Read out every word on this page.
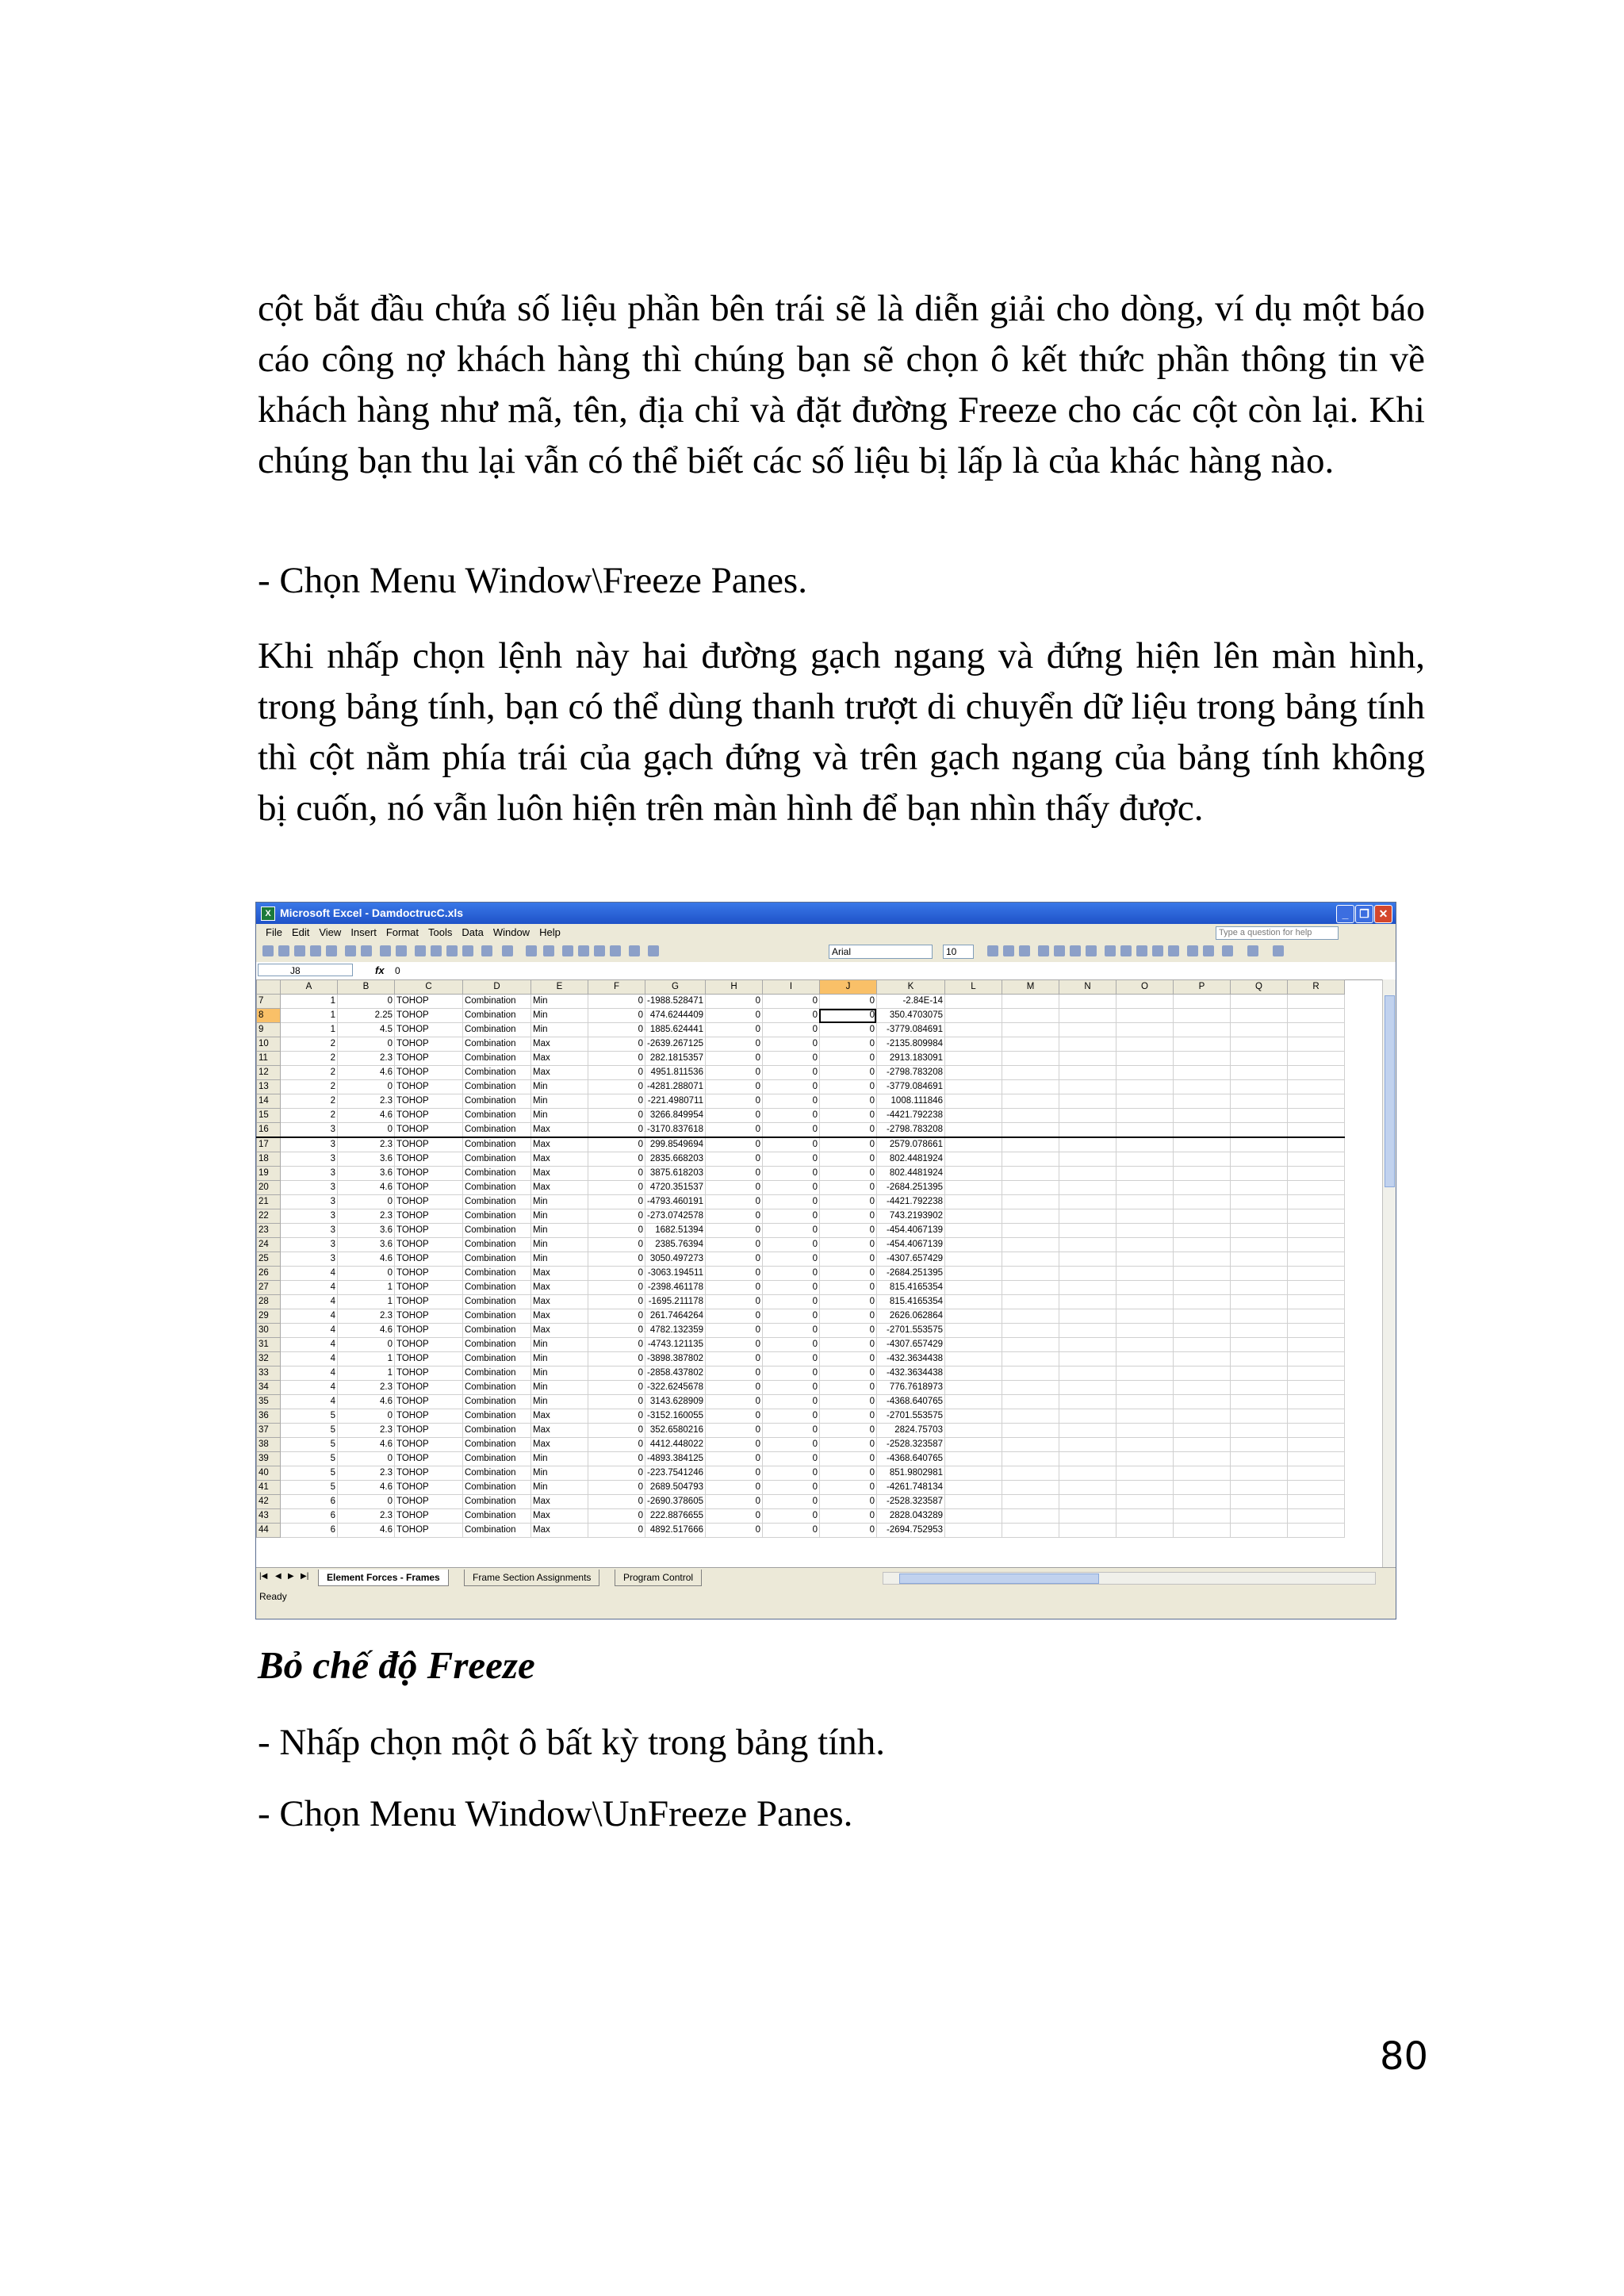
cột bắt đầu chứa số liệu phần bên trái sẽ là diễn giải cho dòng, ví dụ một báo cáo công nợ khách hàng thì chúng bạn sẽ chọn ô kết thức phần thông tin về khách hàng như mã, tên, địa chỉ và đặt đường Freeze cho các cột còn lại. Khi chúng bạn thu lại vẫn có thể biết các số liệu bị lấp là của khác hàng nào.
- Chọn Menu Window\Freeze Panes.
Khi nhấp chọn lệnh này hai đường gạch ngang và đứng hiện lên màn hình, trong bảng tính, bạn có thể dùng thanh trượt di chuyển dữ liệu trong bảng tính thì cột nằm phía trái của gạch đứng và trên gạch ngang của bảng tính không bị cuốn, nó vẫn luôn hiện trên màn hình để bạn nhìn thấy được.
X Microsoft Excel - DamdoctrucC.xls	_ ❐ ✕
File Edit View Insert Format Tools Data Window Help	Type a question for help
Arial	10
J8	fx 0
	A	B	C	D	E	F	G	H	I	J	K	L	M	N	O	P	Q	R
7	1	0	TOHOP	Combination	Min	0	-1988.528471	0	0	0	-2.84E-14							
8	1	2.25	TOHOP	Combination	Min	0	474.6244409	0	0	0	350.4703075							
9	1	4.5	TOHOP	Combination	Min	0	1885.624441	0	0	0	-3779.084691							
10	2	0	TOHOP	Combination	Max	0	-2639.267125	0	0	0	-2135.809984							
11	2	2.3	TOHOP	Combination	Max	0	282.1815357	0	0	0	2913.183091							
12	2	4.6	TOHOP	Combination	Max	0	4951.811536	0	0	0	-2798.783208							
13	2	0	TOHOP	Combination	Min	0	-4281.288071	0	0	0	-3779.084691							
14	2	2.3	TOHOP	Combination	Min	0	-221.4980711	0	0	0	1008.111846							
15	2	4.6	TOHOP	Combination	Min	0	3266.849954	0	0	0	-4421.792238							
16	3	0	TOHOP	Combination	Max	0	-3170.837618	0	0	0	-2798.783208							
17	3	2.3	TOHOP	Combination	Max	0	299.8549694	0	0	0	2579.078661							
18	3	3.6	TOHOP	Combination	Max	0	2835.668203	0	0	0	802.4481924							
19	3	3.6	TOHOP	Combination	Max	0	3875.618203	0	0	0	802.4481924							
20	3	4.6	TOHOP	Combination	Max	0	4720.351537	0	0	0	-2684.251395							
21	3	0	TOHOP	Combination	Min	0	-4793.460191	0	0	0	-4421.792238							
22	3	2.3	TOHOP	Combination	Min	0	-273.0742578	0	0	0	743.2193902							
23	3	3.6	TOHOP	Combination	Min	0	1682.51394	0	0	0	-454.4067139							
24	3	3.6	TOHOP	Combination	Min	0	2385.76394	0	0	0	-454.4067139							
25	3	4.6	TOHOP	Combination	Min	0	3050.497273	0	0	0	-4307.657429							
26	4	0	TOHOP	Combination	Max	0	-3063.194511	0	0	0	-2684.251395							
27	4	1	TOHOP	Combination	Max	0	-2398.461178	0	0	0	815.4165354							
28	4	1	TOHOP	Combination	Max	0	-1695.211178	0	0	0	815.4165354							
29	4	2.3	TOHOP	Combination	Max	0	261.7464264	0	0	0	2626.062864							
30	4	4.6	TOHOP	Combination	Max	0	4782.132359	0	0	0	-2701.553575							
31	4	0	TOHOP	Combination	Min	0	-4743.121135	0	0	0	-4307.657429							
32	4	1	TOHOP	Combination	Min	0	-3898.387802	0	0	0	-432.3634438							
33	4	1	TOHOP	Combination	Min	0	-2858.437802	0	0	0	-432.3634438							
34	4	2.3	TOHOP	Combination	Min	0	-322.6245678	0	0	0	776.7618973							
35	4	4.6	TOHOP	Combination	Min	0	3143.628909	0	0	0	-4368.640765							
36	5	0	TOHOP	Combination	Max	0	-3152.160055	0	0	0	-2701.553575							
37	5	2.3	TOHOP	Combination	Max	0	352.6580216	0	0	0	2824.75703							
38	5	4.6	TOHOP	Combination	Max	0	4412.448022	0	0	0	-2528.323587							
39	5	0	TOHOP	Combination	Min	0	-4893.384125	0	0	0	-4368.640765							
40	5	2.3	TOHOP	Combination	Min	0	-223.7541246	0	0	0	851.9802981							
41	5	4.6	TOHOP	Combination	Min	0	2689.504793	0	0	0	-4261.748134							
42	6	0	TOHOP	Combination	Max	0	-2690.378605	0	0	0	-2528.323587							
43	6	2.3	TOHOP	Combination	Max	0	222.8876655	0	0	0	2828.043289							
44	6	4.6	TOHOP	Combination	Max	0	4892.517666	0	0	0	-2694.752953							
|◀ ◀ ▶ ▶|	Element Forces - Frames	Frame Section Assignments	Program Control
Ready
Bỏ chế độ Freeze
- Nhấp chọn một ô bất kỳ trong bảng tính.
- Chọn Menu Window\UnFreeze Panes.
80
